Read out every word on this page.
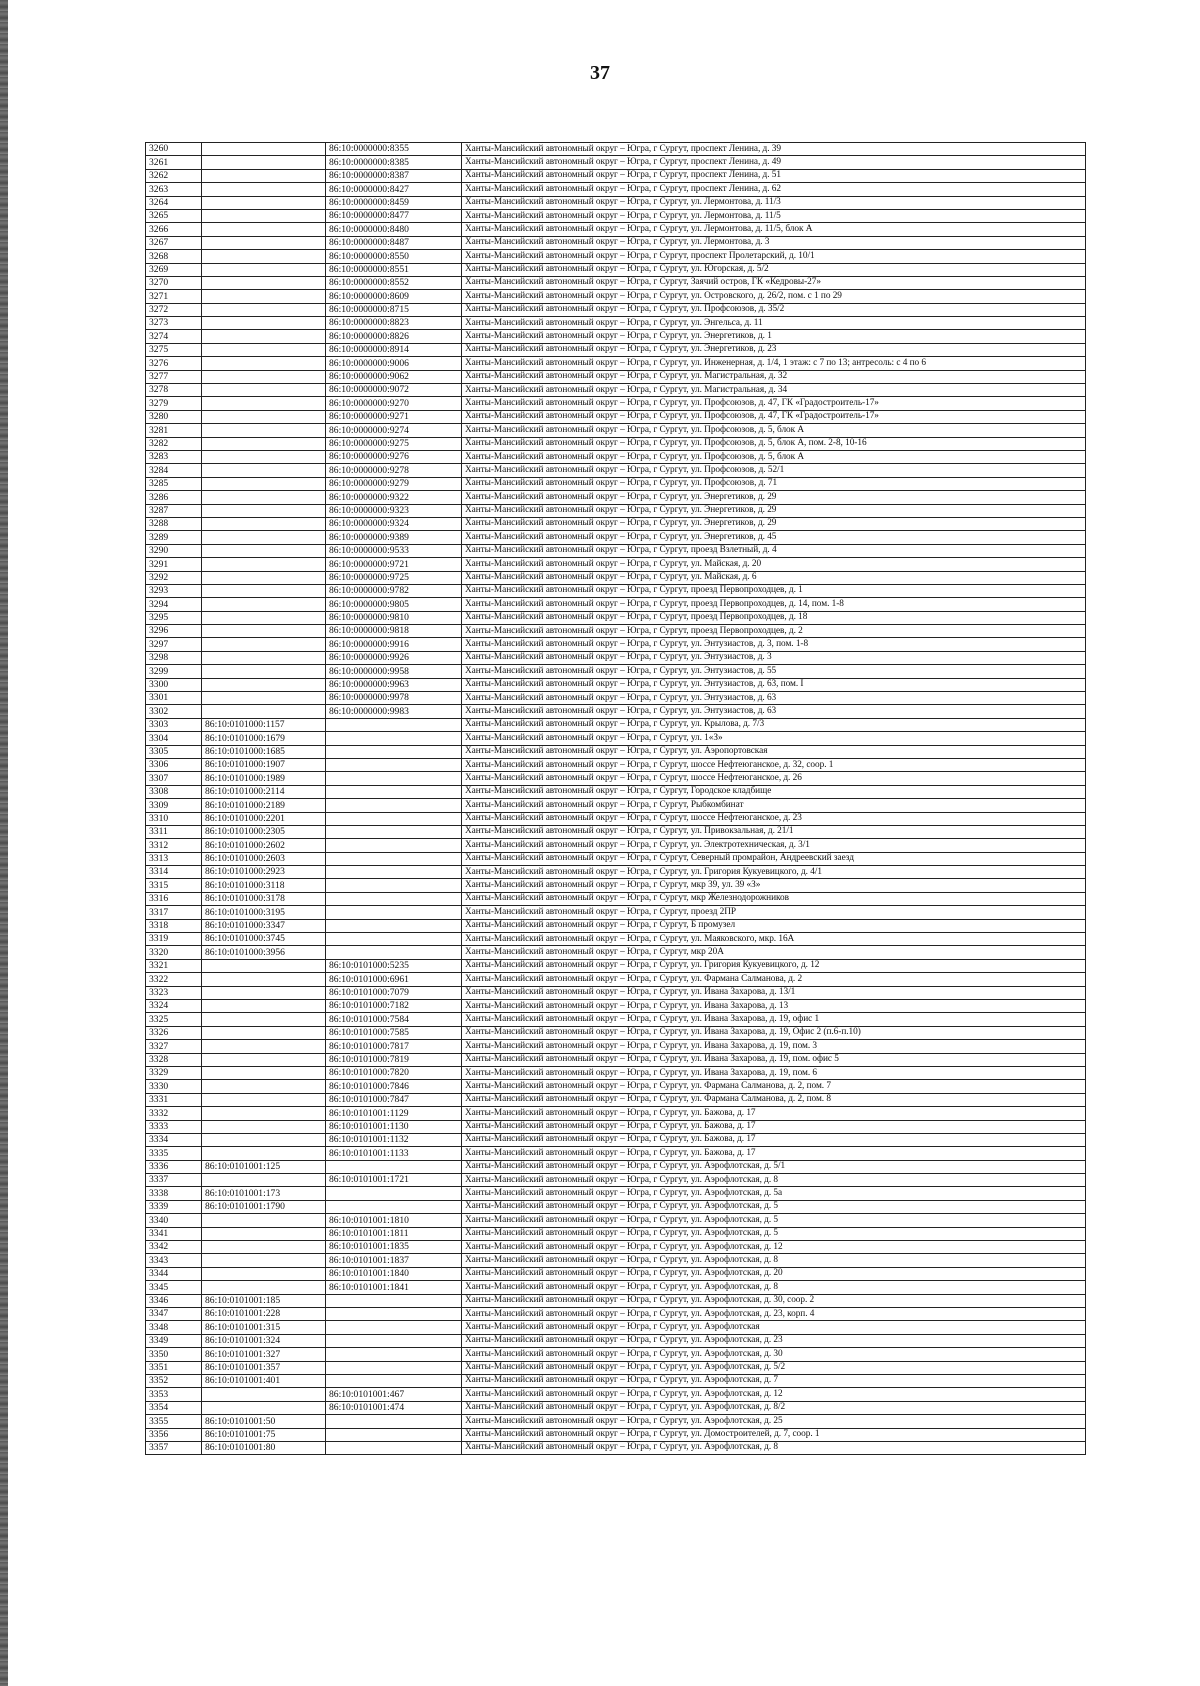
37
3260		86:10:0000000:8355	Ханты-Мансийский автономный округ – Югра, г Сургут, проспект Ленина, д. 39
3261		86:10:0000000:8385	Ханты-Мансийский автономный округ – Югра, г Сургут, проспект Ленина, д. 49
3262		86:10:0000000:8387	Ханты-Мансийский автономный округ – Югра, г Сургут, проспект Ленина, д. 51
3263		86:10:0000000:8427	Ханты-Мансийский автономный округ – Югра, г Сургут, проспект Ленина, д. 62
3264		86:10:0000000:8459	Ханты-Мансийский автономный округ – Югра, г Сургут, ул. Лермонтова, д. 11/3
3265		86:10:0000000:8477	Ханты-Мансийский автономный округ – Югра, г Сургут, ул. Лермонтова, д. 11/5
3266		86:10:0000000:8480	Ханты-Мансийский автономный округ – Югра, г Сургут, ул. Лермонтова, д. 11/5, блок А
3267		86:10:0000000:8487	Ханты-Мансийский автономный округ – Югра, г Сургут, ул. Лермонтова, д. 3
3268		86:10:0000000:8550	Ханты-Мансийский автономный округ – Югра, г Сургут, проспект Пролетарский, д. 10/1
3269		86:10:0000000:8551	Ханты-Мансийский автономный округ – Югра, г Сургут, ул. Югорская, д. 5/2
3270		86:10:0000000:8552	Ханты-Мансийский автономный округ – Югра, г Сургут, Заячий остров, ГК «Кедровы-27»
3271		86:10:0000000:8609	Ханты-Мансийский автономный округ – Югра, г Сургут, ул. Островского, д. 26/2, пом. с 1 по 29
3272		86:10:0000000:8715	Ханты-Мансийский автономный округ – Югра, г Сургут, ул. Профсоюзов, д. 35/2
3273		86:10:0000000:8823	Ханты-Мансийский автономный округ – Югра, г Сургут, ул. Энгельса, д. 11
3274		86:10:0000000:8826	Ханты-Мансийский автономный округ – Югра, г Сургут, ул. Энергетиков, д. 1
3275		86:10:0000000:8914	Ханты-Мансийский автономный округ – Югра, г Сургут, ул. Энергетиков, д. 23
3276		86:10:0000000:9006	Ханты-Мансийский автономный округ – Югра, г Сургут, ул. Инженерная, д. 1/4, 1 этаж: с 7 по 13; антресоль: с 4 по 6
3277		86:10:0000000:9062	Ханты-Мансийский автономный округ – Югра, г Сургут, ул. Магистральная, д. 32
3278		86:10:0000000:9072	Ханты-Мансийский автономный округ – Югра, г Сургут, ул. Магистральная, д. 34
3279		86:10:0000000:9270	Ханты-Мансийский автономный округ – Югра, г Сургут, ул. Профсоюзов, д. 47, ГК «Градостроитель-17»
3280		86:10:0000000:9271	Ханты-Мансийский автономный округ – Югра, г Сургут, ул. Профсоюзов, д. 47, ГК «Градостроитель-17»
3281		86:10:0000000:9274	Ханты-Мансийский автономный округ – Югра, г Сургут, ул. Профсоюзов, д. 5, блок А
3282		86:10:0000000:9275	Ханты-Мансийский автономный округ – Югра, г Сургут, ул. Профсоюзов, д. 5, блок А, пом. 2-8, 10-16
3283		86:10:0000000:9276	Ханты-Мансийский автономный округ – Югра, г Сургут, ул. Профсоюзов, д. 5, блок А
3284		86:10:0000000:9278	Ханты-Мансийский автономный округ – Югра, г Сургут, ул. Профсоюзов, д. 52/1
3285		86:10:0000000:9279	Ханты-Мансийский автономный округ – Югра, г Сургут, ул. Профсоюзов, д. 71
3286		86:10:0000000:9322	Ханты-Мансийский автономный округ – Югра, г Сургут, ул. Энергетиков, д. 29
3287		86:10:0000000:9323	Ханты-Мансийский автономный округ – Югра, г Сургут, ул. Энергетиков, д. 29
3288		86:10:0000000:9324	Ханты-Мансийский автономный округ – Югра, г Сургут, ул. Энергетиков, д. 29
3289		86:10:0000000:9389	Ханты-Мансийский автономный округ – Югра, г Сургут, ул. Энергетиков, д. 45
3290		86:10:0000000:9533	Ханты-Мансийский автономный округ – Югра, г Сургут, проезд Взлетный, д. 4
3291		86:10:0000000:9721	Ханты-Мансийский автономный округ – Югра, г Сургут, ул. Майская, д. 20
3292		86:10:0000000:9725	Ханты-Мансийский автономный округ – Югра, г Сургут, ул. Майская, д. 6
3293		86:10:0000000:9782	Ханты-Мансийский автономный округ – Югра, г Сургут, проезд Первопроходцев, д. 1
3294		86:10:0000000:9805	Ханты-Мансийский автономный округ – Югра, г Сургут, проезд Первопроходцев, д. 14, пом. 1-8
3295		86:10:0000000:9810	Ханты-Мансийский автономный округ – Югра, г Сургут, проезд Первопроходцев, д. 18
3296		86:10:0000000:9818	Ханты-Мансийский автономный округ – Югра, г Сургут, проезд Первопроходцев, д. 2
3297		86:10:0000000:9916	Ханты-Мансийский автономный округ – Югра, г Сургут, ул. Энтузиастов, д. 3, пом. 1-8
3298		86:10:0000000:9926	Ханты-Мансийский автономный округ – Югра, г Сургут, ул. Энтузиастов, д. 3
3299		86:10:0000000:9958	Ханты-Мансийский автономный округ – Югра, г Сургут, ул. Энтузиастов, д. 55
3300		86:10:0000000:9963	Ханты-Мансийский автономный округ – Югра, г Сургут, ул. Энтузиастов, д. 63, пом. I
3301		86:10:0000000:9978	Ханты-Мансийский автономный округ – Югра, г Сургут, ул. Энтузиастов, д. 63
3302		86:10:0000000:9983	Ханты-Мансийский автономный округ – Югра, г Сургут, ул. Энтузиастов, д. 63
3303	86:10:0101000:1157		Ханты-Мансийский автономный округ – Югра, г Сургут, ул. Крылова, д. 7/3
3304	86:10:0101000:1679		Ханты-Мансийский автономный округ – Югра, г Сургут, ул. 1«З»
3305	86:10:0101000:1685		Ханты-Мансийский автономный округ – Югра, г Сургут, ул. Аэропортовская
3306	86:10:0101000:1907		Ханты-Мансийский автономный округ – Югра, г Сургут, шоссе Нефтеюганское, д. 32, соор. 1
3307	86:10:0101000:1989		Ханты-Мансийский автономный округ – Югра, г Сургут, шоссе Нефтеюганское, д. 26
3308	86:10:0101000:2114		Ханты-Мансийский автономный округ – Югра, г Сургут, Городское кладбище
3309	86:10:0101000:2189		Ханты-Мансийский автономный округ – Югра, г Сургут, Рыбкомбинат
3310	86:10:0101000:2201		Ханты-Мансийский автономный округ – Югра, г Сургут, шоссе Нефтеюганское, д. 23
3311	86:10:0101000:2305		Ханты-Мансийский автономный округ – Югра, г Сургут, ул. Привокзальная, д. 21/1
3312	86:10:0101000:2602		Ханты-Мансийский автономный округ – Югра, г Сургут, ул. Электротехническая, д. 3/1
3313	86:10:0101000:2603		Ханты-Мансийский автономный округ – Югра, г Сургут, Северный промрайон, Андреевский заезд
3314	86:10:0101000:2923		Ханты-Мансийский автономный округ – Югра, г Сургут, ул. Григория Кукуевицкого, д. 4/1
3315	86:10:0101000:3118		Ханты-Мансийский автономный округ – Югра, г Сургут, мкр 39, ул. 39 «З»
3316	86:10:0101000:3178		Ханты-Мансийский автономный округ – Югра, г Сургут, мкр Железнодорожников
3317	86:10:0101000:3195		Ханты-Мансийский автономный округ – Югра, г Сургут, проезд 2ПР
3318	86:10:0101000:3347		Ханты-Мансийский автономный округ – Югра, г Сургут, Б промузел
3319	86:10:0101000:3745		Ханты-Мансийский автономный округ – Югра, г Сургут, ул. Маяковского, мкр. 16А
3320	86:10:0101000:3956		Ханты-Мансийский автономный округ – Югра, г Сургут, мкр 20А
3321		86:10:0101000:5235	Ханты-Мансийский автономный округ – Югра, г Сургут, ул. Григория Кукуевицкого, д. 12
3322		86:10:0101000:6961	Ханты-Мансийский автономный округ – Югра, г Сургут, ул. Фармана Салманова, д. 2
3323		86:10:0101000:7079	Ханты-Мансийский автономный округ – Югра, г Сургут, ул. Ивана Захарова, д. 13/1
3324		86:10:0101000:7182	Ханты-Мансийский автономный округ – Югра, г Сургут, ул. Ивана Захарова, д. 13
3325		86:10:0101000:7584	Ханты-Мансийский автономный округ – Югра, г Сургут, ул. Ивана Захарова, д. 19, офис 1
3326		86:10:0101000:7585	Ханты-Мансийский автономный округ – Югра, г Сургут, ул. Ивана Захарова, д. 19, Офис 2 (п.6-п.10)
3327		86:10:0101000:7817	Ханты-Мансийский автономный округ – Югра, г Сургут, ул. Ивана Захарова, д. 19, пом. 3
3328		86:10:0101000:7819	Ханты-Мансийский автономный округ – Югра, г Сургут, ул. Ивана Захарова, д. 19, пом. офис 5
3329		86:10:0101000:7820	Ханты-Мансийский автономный округ – Югра, г Сургут, ул. Ивана Захарова, д. 19, пом. 6
3330		86:10:0101000:7846	Ханты-Мансийский автономный округ – Югра, г Сургут, ул. Фармана Салманова, д. 2, пом. 7
3331		86:10:0101000:7847	Ханты-Мансийский автономный округ – Югра, г Сургут, ул. Фармана Салманова, д. 2, пом. 8
3332		86:10:0101001:1129	Ханты-Мансийский автономный округ – Югра, г Сургут, ул. Бажова, д. 17
3333		86:10:0101001:1130	Ханты-Мансийский автономный округ – Югра, г Сургут, ул. Бажова, д. 17
3334		86:10:0101001:1132	Ханты-Мансийский автономный округ – Югра, г Сургут, ул. Бажова, д. 17
3335		86:10:0101001:1133	Ханты-Мансийский автономный округ – Югра, г Сургут, ул. Бажова, д. 17
3336	86:10:0101001:125		Ханты-Мансийский автономный округ – Югра, г Сургут, ул. Аэрофлотская, д. 5/1
3337		86:10:0101001:1721	Ханты-Мансийский автономный округ – Югра, г Сургут, ул. Аэрофлотская, д. 8
3338	86:10:0101001:173		Ханты-Мансийский автономный округ – Югра, г Сургут, ул. Аэрофлотская, д. 5а
3339	86:10:0101001:1790		Ханты-Мансийский автономный округ – Югра, г Сургут, ул. Аэрофлотская, д. 5
3340		86:10:0101001:1810	Ханты-Мансийский автономный округ – Югра, г Сургут, ул. Аэрофлотская, д. 5
3341		86:10:0101001:1811	Ханты-Мансийский автономный округ – Югра, г Сургут, ул. Аэрофлотская, д. 5
3342		86:10:0101001:1835	Ханты-Мансийский автономный округ – Югра, г Сургут, ул. Аэрофлотская, д. 12
3343		86:10:0101001:1837	Ханты-Мансийский автономный округ – Югра, г Сургут, ул. Аэрофлотская, д. 8
3344		86:10:0101001:1840	Ханты-Мансийский автономный округ – Югра, г Сургут, ул. Аэрофлотская, д. 20
3345		86:10:0101001:1841	Ханты-Мансийский автономный округ – Югра, г Сургут, ул. Аэрофлотская, д. 8
3346	86:10:0101001:185		Ханты-Мансийский автономный округ – Югра, г Сургут, ул. Аэрофлотская, д. 30, соор. 2
3347	86:10:0101001:228		Ханты-Мансийский автономный округ – Югра, г Сургут, ул. Аэрофлотская, д. 23, корп. 4
3348	86:10:0101001:315		Ханты-Мансийский автономный округ – Югра, г Сургут, ул. Аэрофлотская
3349	86:10:0101001:324		Ханты-Мансийский автономный округ – Югра, г Сургут, ул. Аэрофлотская, д. 23
3350	86:10:0101001:327		Ханты-Мансийский автономный округ – Югра, г Сургут, ул. Аэрофлотская, д. 30
3351	86:10:0101001:357		Ханты-Мансийский автономный округ – Югра, г Сургут, ул. Аэрофлотская, д. 5/2
3352	86:10:0101001:401		Ханты-Мансийский автономный округ – Югра, г Сургут, ул. Аэрофлотская, д. 7
3353		86:10:0101001:467	Ханты-Мансийский автономный округ – Югра, г Сургут, ул. Аэрофлотская, д. 12
3354		86:10:0101001:474	Ханты-Мансийский автономный округ – Югра, г Сургут, ул. Аэрофлотская, д. 8/2
3355	86:10:0101001:50		Ханты-Мансийский автономный округ – Югра, г Сургут, ул. Аэрофлотская, д. 25
3356	86:10:0101001:75		Ханты-Мансийский автономный округ – Югра, г Сургут, ул. Домостроителей, д. 7, соор. 1
3357	86:10:0101001:80		Ханты-Мансийский автономный округ – Югра, г Сургут, ул. Аэрофлотская, д. 8
